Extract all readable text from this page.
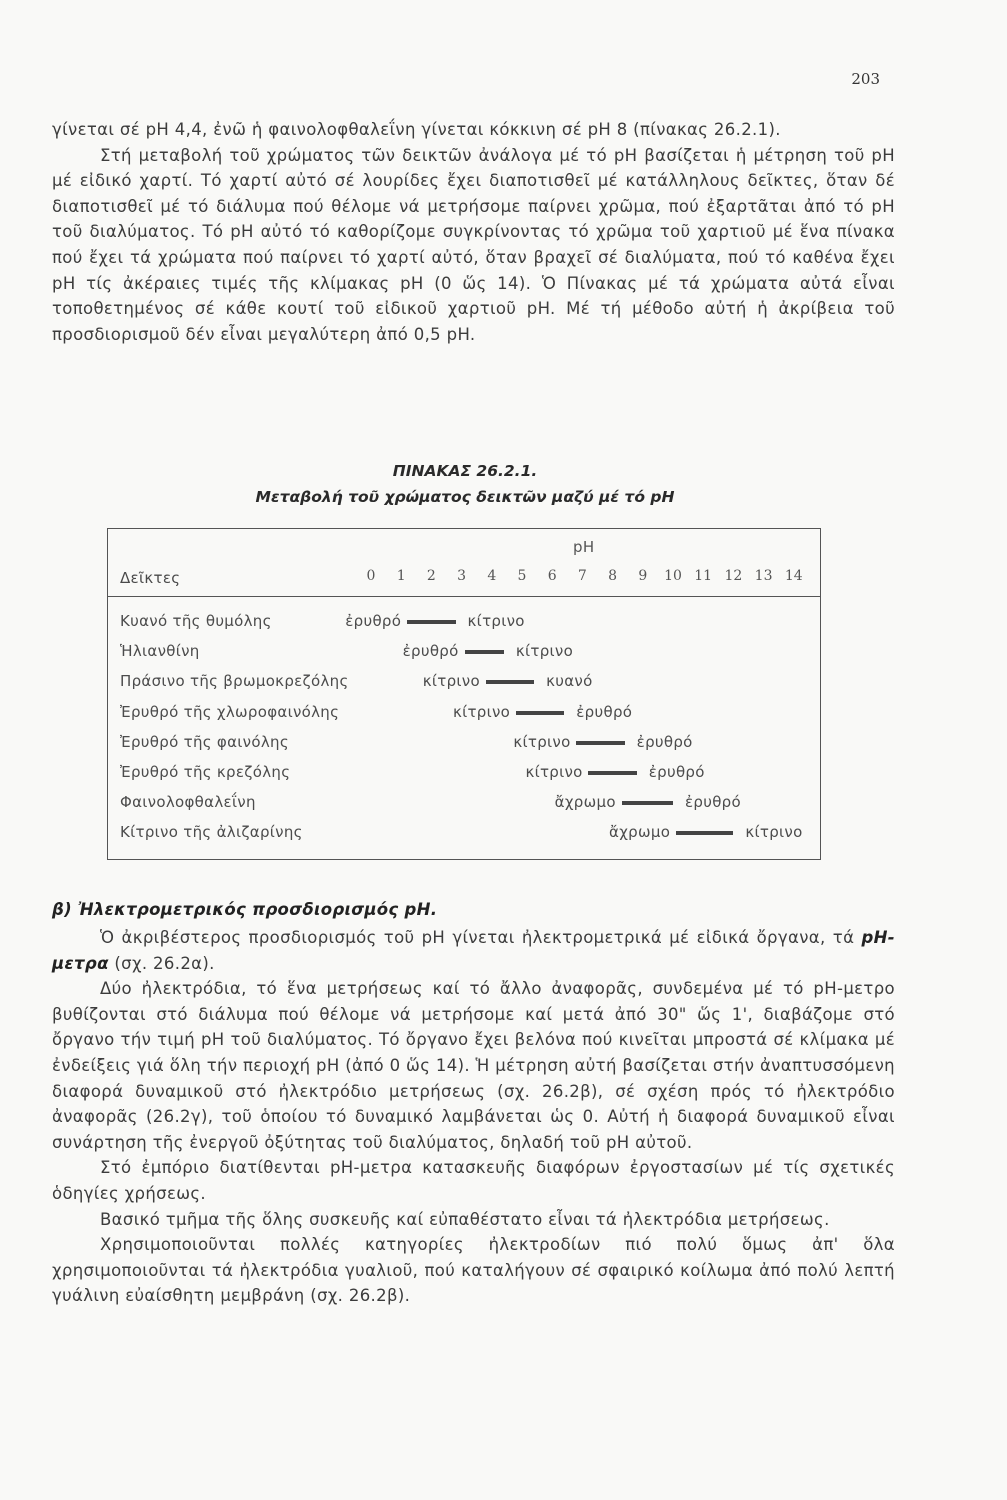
203

γίνεται σέ pH 4,4, ἐνῶ ἡ φαινολοφθαλεΐνη γίνεται κόκκινη σέ pH 8 (πίνακας 26.2.1).

Στή μεταβολή τοῦ χρώματος τῶν δεικτῶν ἀνάλογα μέ τό pH βασίζεται ἡ μέτρηση τοῦ pH μέ εἰδικό χαρτί. Τό χαρτί αὐτό σέ λουρίδες ἔχει διαποτισθεῖ μέ κατάλληλους δεῖκτες, ὅταν δέ διαποτισθεῖ μέ τό διάλυμα πού θέλομε νά μετρήσομε παίρνει χρῶμα, πού ἐξαρτᾶται ἀπό τό pH τοῦ διαλύματος. Τό pH αὐτό τό καθορίζομε συγκρίνοντας τό χρῶμα τοῦ χαρτιοῦ μέ ἕνα πίνακα πού ἔχει τά χρώματα πού παίρνει τό χαρτί αὐτό, ὅταν βραχεῖ σέ διαλύματα, πού τό καθένα ἔχει pH τίς ἀκέραιες τιμές τῆς κλίμακας pH (0 ὥς 14). Ὁ Πίνακας μέ τά χρώματα αὐτά εἶναι τοποθετημένος σέ κάθε κουτί τοῦ εἰδικοῦ χαρτιοῦ pH. Μέ τή μέθοδο αὐτή ἡ ἀκρίβεια τοῦ προσδιορισμοῦ δέν εἶναι μεγαλύτερη ἀπό 0,5 pH.

ΠΙΝΑΚΑΣ 26.2.1.
Μεταβολή τοῦ χρώματος δεικτῶν μαζύ μέ τό pH
pH
Δεῖκτες	0	1	2	3	4	5	6	7	8	9	10 11 12 13 14
Κυανό τῆς θυμόλης	ἐρυθρό	κίτρινο
Ἡλιανθίνη	ἐρυθρό	κίτρινο
Πράσινο τῆς βρωμοκρεζόλης	κίτρινο	κυανό
Ἐρυθρό τῆς χλωροφαινόλης	κίτρινο	ἐρυθρό
Ἐρυθρό τῆς φαινόλης	κίτρινο	ἐρυθρό
Ἐρυθρό τῆς κρεζόλης	κίτρινο	ἐρυθρό
Φαινολοφθαλεΐνη	ἄχρωμο	ἐρυθρό
Κίτρινο τῆς ἀλιζαρίνης	ἄχρωμο	κίτρινο
β) Ἠλεκτρομετρικός προσδιορισμός pH.

Ὁ ἀκριβέστερος προσδιορισμός τοῦ pH γίνεται ἠλεκτρομετρικά μέ εἰδικά ὄργανα, τά pH-μετρα (σχ. 26.2α).

Δύο ἠλεκτρόδια, τό ἕνα μετρήσεως καί τό ἄλλο ἀναφορᾶς, συνδεμένα μέ τό pH-μετρο βυθίζονται στό διάλυμα πού θέλομε νά μετρήσομε καί μετά ἀπό 30" ὥς 1', διαβάζομε στό ὄργανο τήν τιμή pH τοῦ διαλύματος. Τό ὄργανο ἔχει βελόνα πού κινεῖται μπροστά σέ κλίμακα μέ ἐνδείξεις γιά ὅλη τήν περιοχή pH (ἀπό 0 ὥς 14). Ἡ μέτρηση αὐτή βασίζεται στήν ἀναπτυσσόμενη διαφορά δυναμικοῦ στό ἠλεκτρόδιο μετρήσεως (σχ. 26.2β), σέ σχέση πρός τό ἠλεκτρόδιο ἀναφορᾶς (26.2γ), τοῦ ὁποίου τό δυναμικό λαμβάνεται ὡς 0. Αὐτή ἡ διαφορά δυναμικοῦ εἶναι συνάρτηση τῆς ἐνεργοῦ ὀξύτητας τοῦ διαλύματος, δηλαδή τοῦ pH αὐτοῦ.

Στό ἐμπόριο διατίθενται pH-μετρα κατασκευῆς διαφόρων ἐργοστασίων μέ τίς σχετικές ὁδηγίες χρήσεως.

Βασικό τμῆμα τῆς ὅλης συσκευῆς καί εὐπαθέστατο εἶναι τά ἠλεκτρόδια μετρήσεως.

Χρησιμοποιοῦνται πολλές κατηγορίες ἠλεκτροδίων πιό πολύ ὅμως ἀπ' ὅλα χρησιμοποιοῦνται τά ἠλεκτρόδια γυαλιοῦ, πού καταλήγουν σέ σφαιρικό κοίλωμα ἀπό πολύ λεπτή γυάλινη εὐαίσθητη μεμβράνη (σχ. 26.2β).
